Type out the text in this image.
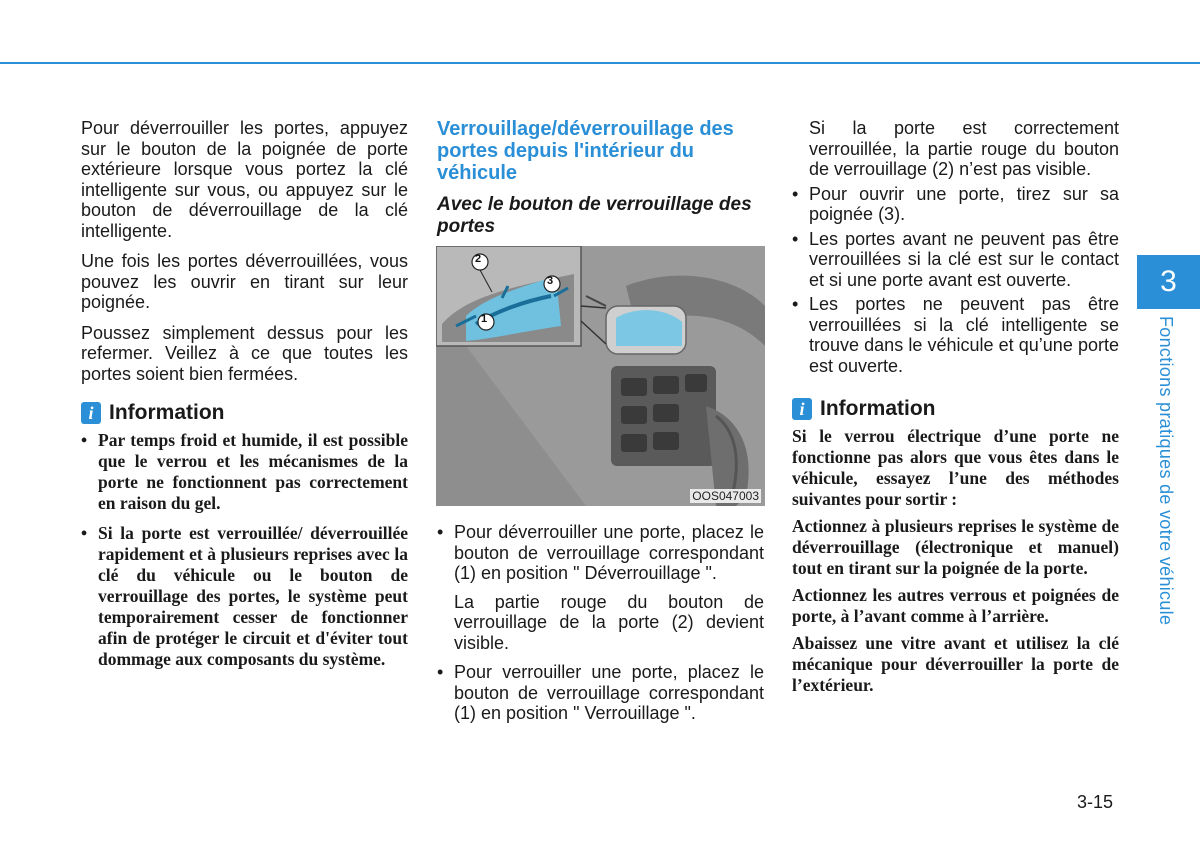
Pour déverrouiller les portes, appuyez sur le bouton de la poignée de porte extérieure lorsque vous portez la clé intelligente sur vous, ou appuyez sur le bouton de déverrouillage de la clé intelligente.

Une fois les portes déverrouillées, vous pouvez les ouvrir en tirant sur leur poignée.

Poussez simplement dessus pour les refermer. Veillez à ce que toutes les portes soient bien fermées.

i Information
• Par temps froid et humide, il est possible que le verrou et les mécanismes de la porte ne fonctionnent pas correctement en raison du gel.
• Si la porte est verrouillée/ déverrouillée rapidement et à plusieurs reprises avec la clé du véhicule ou le bouton de verrouillage des portes, le système peut temporairement cesser de fonctionner afin de protéger le circuit et d'éviter tout dommage aux composants du système.
Verrouillage/déverrouillage des portes depuis l'intérieur du véhicule
Avec le bouton de verrouillage des portes
1
2
3
OOS047003
• Pour déverrouiller une porte, placez le bouton de verrouillage correspondant (1) en position " Déverrouillage ".

La partie rouge du bouton de verrouillage de la porte (2) devient visible.

• Pour verrouiller une porte, placez le bouton de verrouillage correspondant (1) en position " Verrouillage ".

Si la porte est correctement verrouillée, la partie rouge du bouton de verrouillage (2) n’est pas visible.

• Pour ouvrir une porte, tirez sur sa poignée (3).
• Les portes avant ne peuvent pas être verrouillées si la clé est sur le contact et si une porte avant est ouverte.
• Les portes ne peuvent pas être verrouillées si la clé intelligente se trouve dans le véhicule et qu’une porte est ouverte.
i Information

Si le verrou électrique d’une porte ne fonctionne pas alors que vous êtes dans le véhicule, essayez l’une des méthodes suivantes pour sortir :

Actionnez à plusieurs reprises le système de déverrouillage (électronique et manuel) tout en tirant sur la poignée de la porte.

Actionnez les autres verrous et poignées de porte, à l’avant comme à l’arrière.

Abaissez une vitre avant et utilisez la clé mécanique pour déverrouiller la porte de l’extérieur.

3
Fonctions pratiques de votre véhicule
3-15
